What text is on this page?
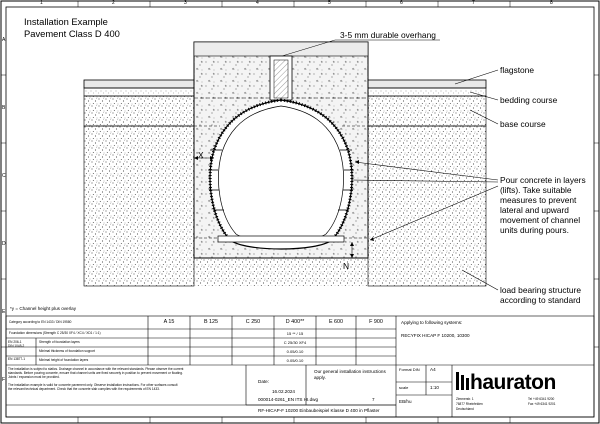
1	2	3	4	5	6	7	8
A
B
C
D
E
F
Installation Example
Pavement Class D 400	3-5 mm durable overhang
flagstone
bedding course
base course
Pour concrete in layers
(lifts). Take suitable
measures to prevent
lateral and upward
movement of channel
units during pours.
load bearing structure
according to standard
X
N
*y = Channel height plus overlay
Category according to EN 1433 / DIN 19580	A 15	B 125	C 250	D 400**	E 600	F 900
Foundation dimensions (Strength C 25/30 XF4 / XC4 / XD1 / 1:1)	15 ** / 15
EN 206-1
DIN 1045-2
EN 13877-1
Strength of foundation layers	C 25/30 XF4
Minimal thickness of foundation support	0.05/0.10
Minimal height of foundation layers	0.05/0.10
Applying to following systems:
RECYFIX HICAP F 10200, 10300
The installation is subject to statics. Drainage channel in accordance with the relevant standards. Please observe the current
standards. Before pouring concrete, ensure that channel units are fixed securely in position to prevent movement or floating.
Joints / expansion must be provided.
The installation example is valid for concrete pavement only. Observe installation instructions. For other surfaces consult
the relevant technical department. Check that the concrete slab complies with the requirements of EN 1433.
Date:
16.02.2024
Our general installation instructions apply.
000014-0261_EN ITS HI.dwg	7
RF-HICAP-F 10200 Einbaubeispiel Klasse D 400 in Pflaster
Format DIN A4
scale	1:10
EB/hu
hauraton
Zimmerstr. 1
76877 Rheinfelden
Deutschland
Tel +49 6341 9200
Fax +49 6341 9201
